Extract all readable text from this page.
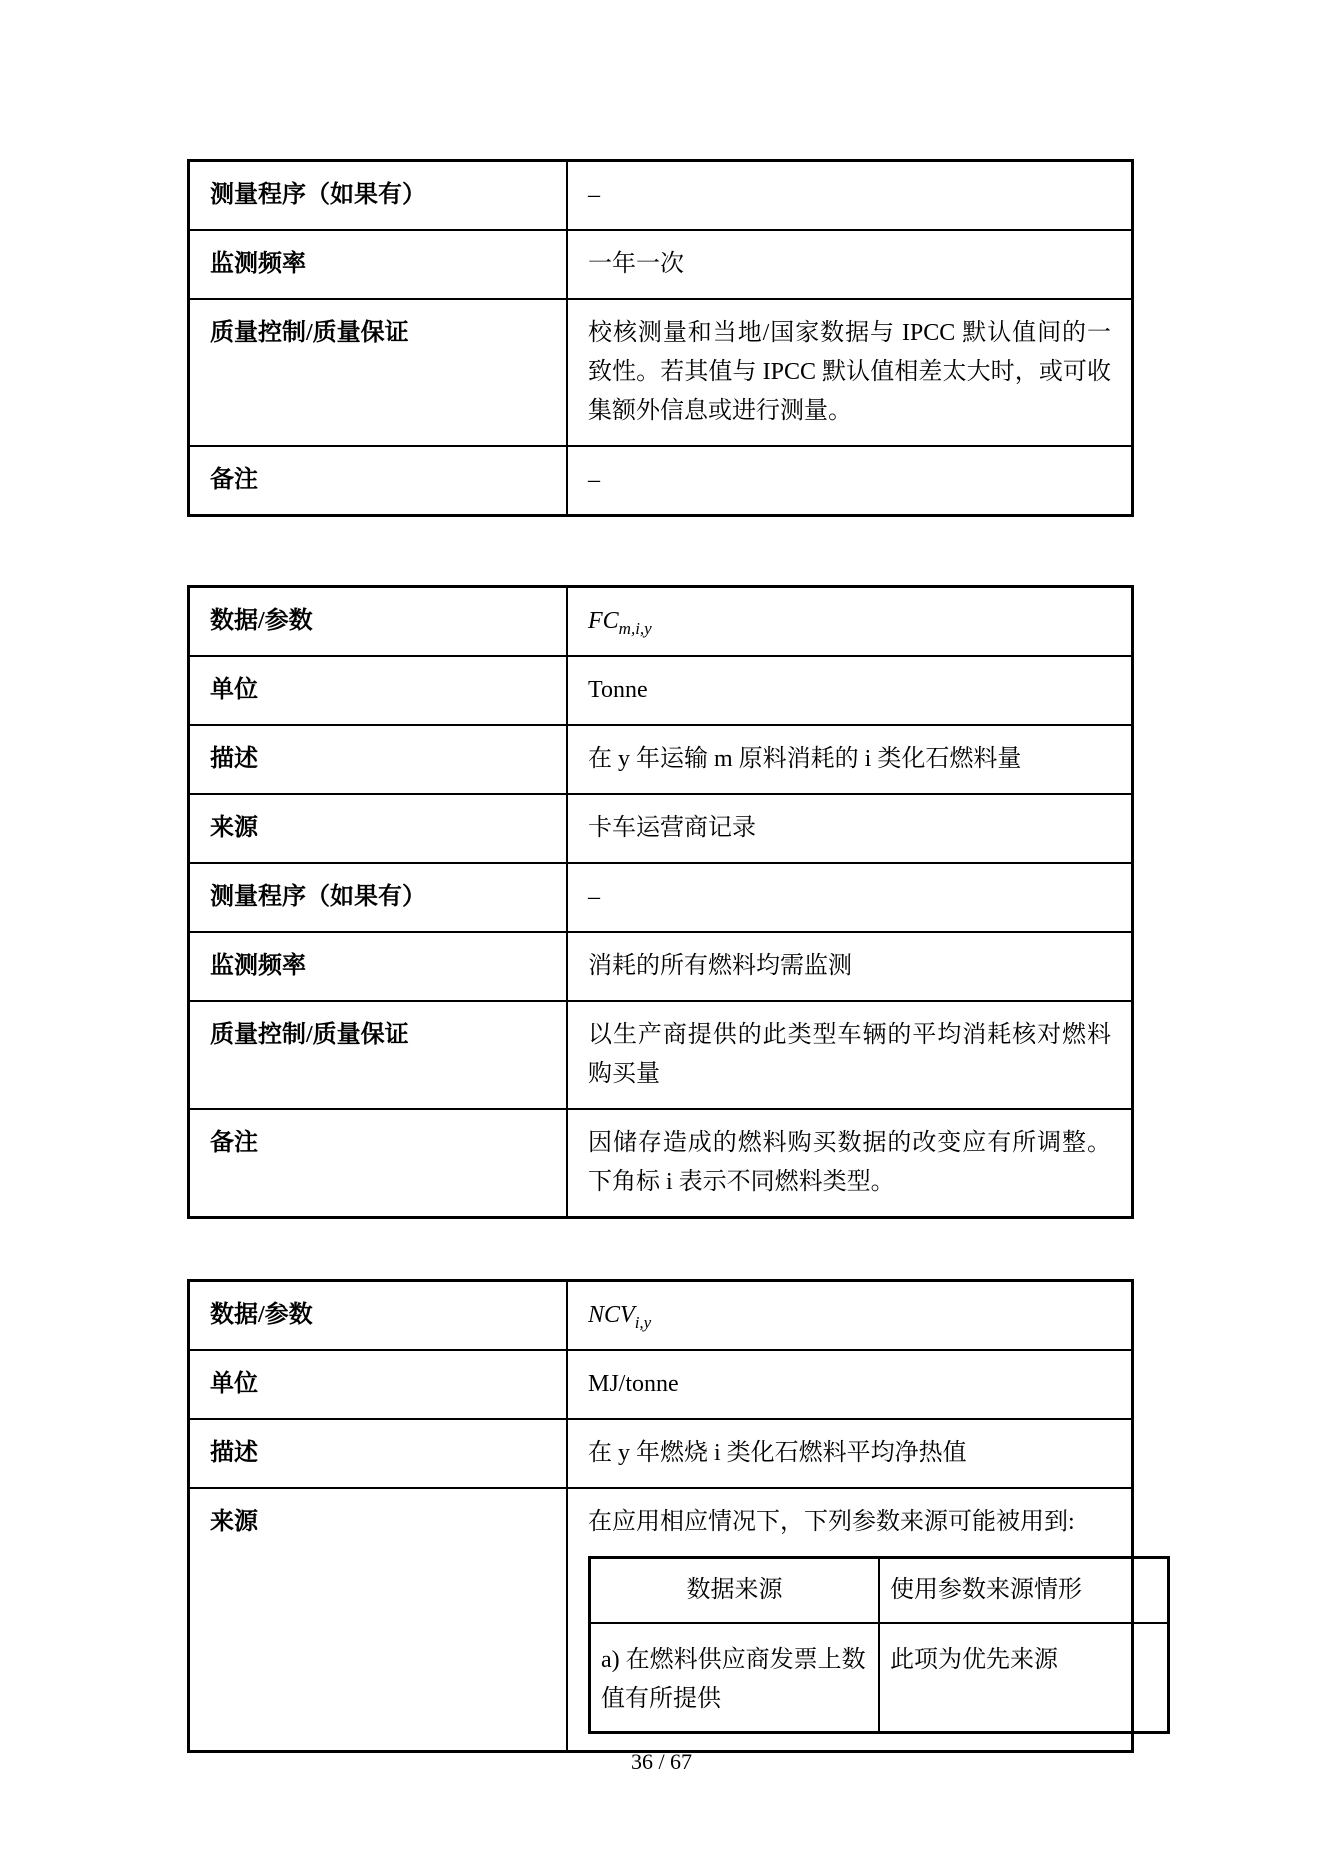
测量程序（如果有）	–
监测频率	一年一次
质量控制/质量保证	校核测量和当地/国家数据与 IPCC 默认值间的一致性。若其值与 IPCC 默认值相差太大时，或可收集额外信息或进行测量。
备注	–
数据/参数	$FC_{m,i,y}$
单位	Tonne
描述	在 y 年运输 m 原料消耗的 i 类化石燃料量
来源	卡车运营商记录
测量程序（如果有）	–
监测频率	消耗的所有燃料均需监测
质量控制/质量保证	以生产商提供的此类型车辆的平均消耗核对燃料购买量
备注	因储存造成的燃料购买数据的改变应有所调整。下角标 i 表示不同燃料类型。
数据/参数	$NCV_{i,y}$
单位	MJ/tonne
描述	在 y 年燃烧 i 类化石燃料平均净热值
来源	在应用相应情况下，下列参数来源可能被用到:
数据来源	使用参数来源情形
a) 在燃料供应商发票上数值有所提供	此项为优先来源
36 / 67
